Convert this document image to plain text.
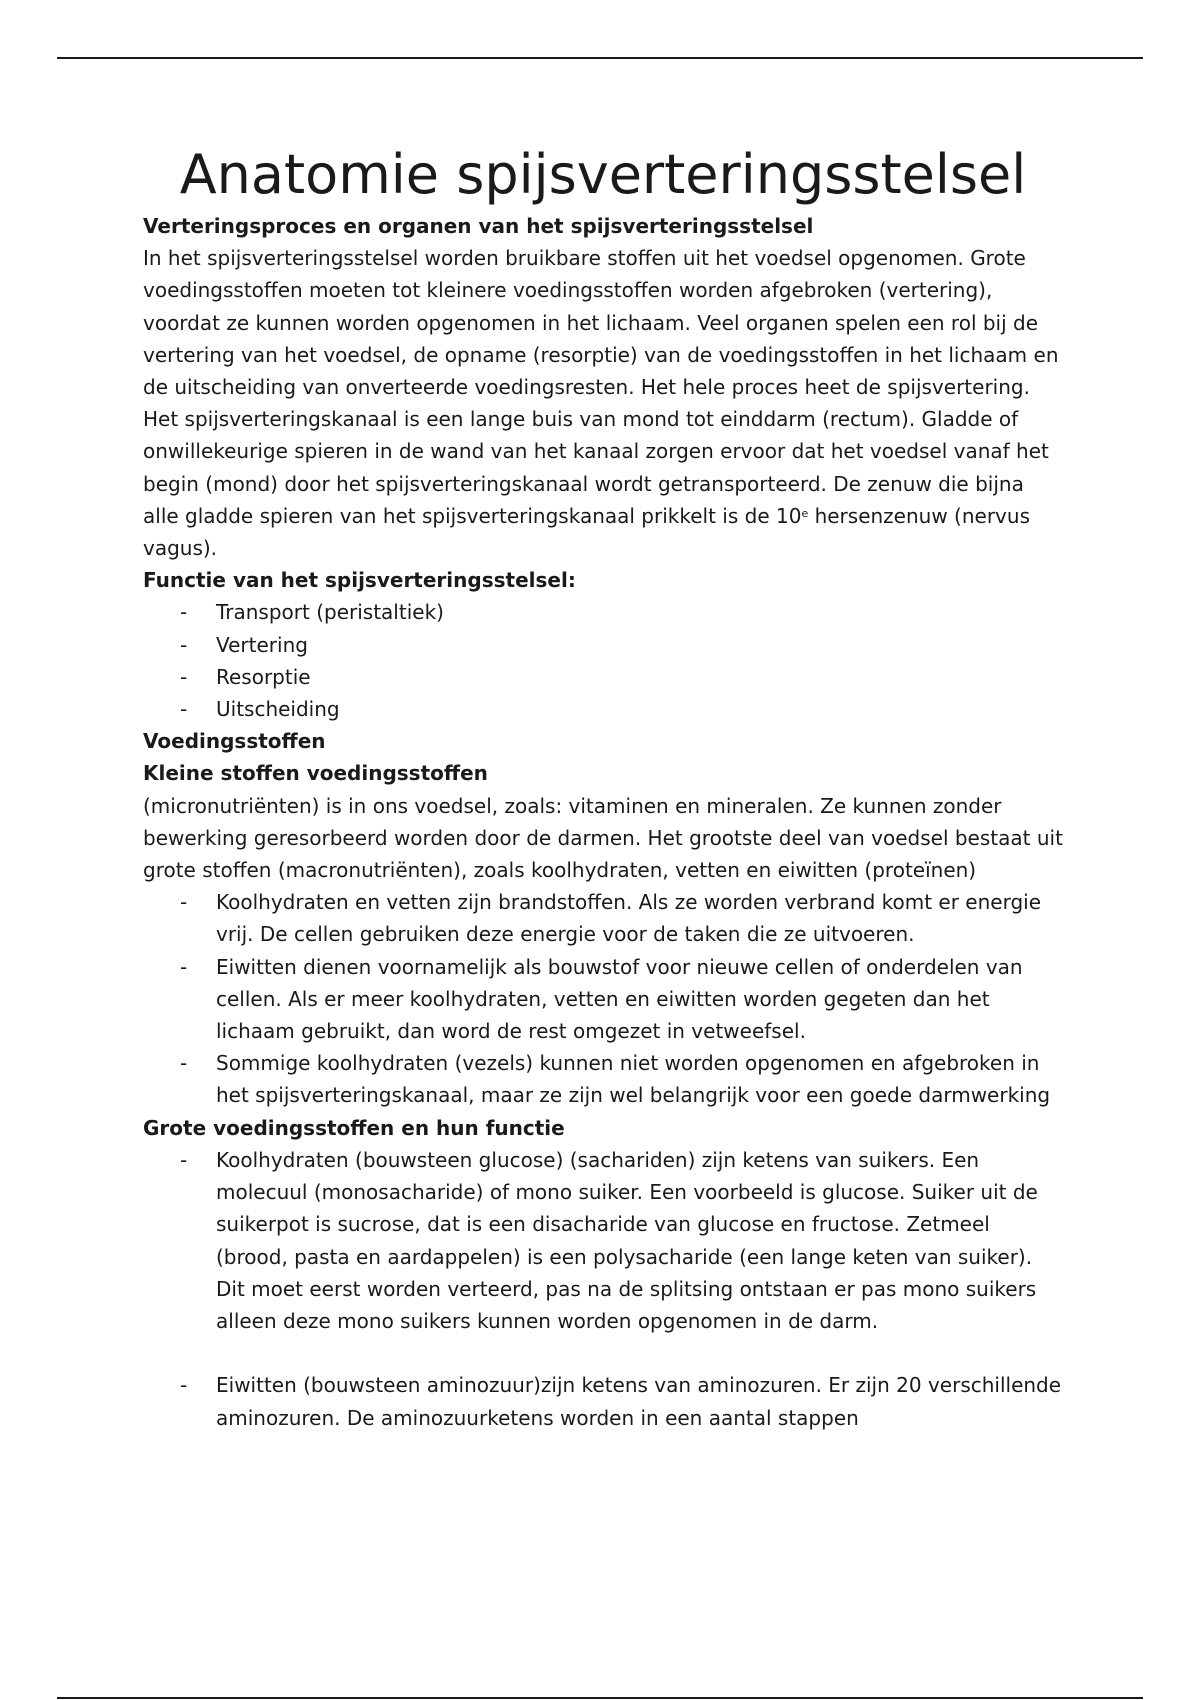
Anatomie spijsverteringsstelsel

Verteringsproces en organen van het spijsverteringsstelsel

In het spijsverteringsstelsel worden bruikbare stoffen uit het voedsel opgenomen. Grote voedingsstoffen moeten tot kleinere voedingsstoffen worden afgebroken (vertering), voordat ze kunnen worden opgenomen in het lichaam. Veel organen spelen een rol bij de vertering van het voedsel, de opname (resorptie) van de voedingsstoffen in het lichaam en de uitscheiding van onverteerde voedingsresten. Het hele proces heet de spijsvertering.

Het spijsverteringskanaal is een lange buis van mond tot einddarm (rectum). Gladde of onwillekeurige spieren in de wand van het kanaal zorgen ervoor dat het voedsel vanaf het begin (mond) door het spijsverteringskanaal wordt getransporteerd. De zenuw die bijna alle gladde spieren van het spijsverteringskanaal prikkelt is de 10e hersenzenuw (nervus vagus).

Functie van het spijsverteringsstelsel:

- Transport (peristaltiek)
- Vertering
- Resorptie
- Uitscheiding

Voedingsstoffen

Kleine stoffen voedingsstoffen

(micronutriënten) is in ons voedsel, zoals: vitaminen en mineralen. Ze kunnen zonder bewerking geresorbeerd worden door de darmen. Het grootste deel van voedsel bestaat uit grote stoffen (macronutriënten), zoals koolhydraten, vetten en eiwitten (proteïnen)

- Koolhydraten en vetten zijn brandstoffen. Als ze worden verbrand komt er energie vrij. De cellen gebruiken deze energie voor de taken die ze uitvoeren.
- Eiwitten dienen voornamelijk als bouwstof voor nieuwe cellen of onderdelen van cellen. Als er meer koolhydraten, vetten en eiwitten worden gegeten dan het lichaam gebruikt, dan word de rest omgezet in vetweefsel.
- Sommige koolhydraten (vezels) kunnen niet worden opgenomen en afgebroken in het spijsverteringskanaal, maar ze zijn wel belangrijk voor een goede darmwerking

Grote voedingsstoffen en hun functie

- Koolhydraten (bouwsteen glucose) (sachariden) zijn ketens van suikers. Een molecuul (monosacharide) of mono suiker. Een voorbeeld is glucose. Suiker uit de suikerpot is sucrose, dat is een disacharide van glucose en fructose. Zetmeel (brood, pasta en aardappelen) is een polysacharide (een lange keten van suiker). Dit moet eerst worden verteerd, pas na de splitsing ontstaan er pas mono suikers alleen deze mono suikers kunnen worden opgenomen in de darm.
- Eiwitten (bouwsteen aminozuur)zijn ketens van aminozuren. Er zijn 20 verschillende aminozuren. De aminozuurketens worden in een aantal stappen
